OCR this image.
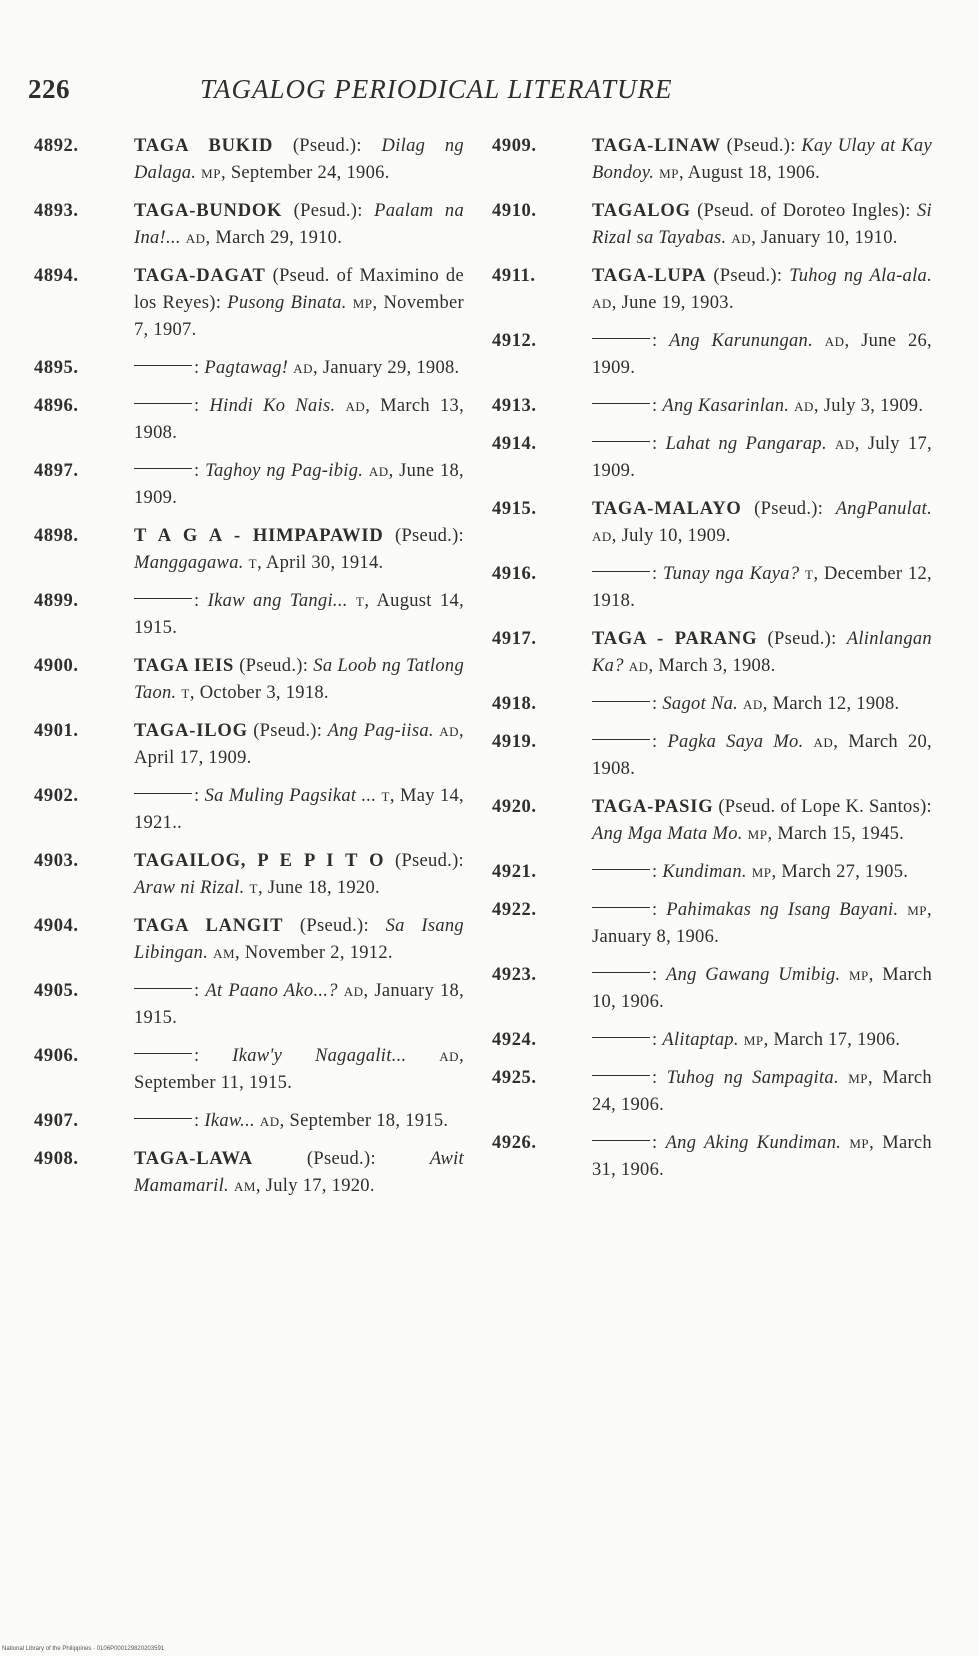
226	TAGALOG PERIODICAL LITERATURE
4892.	TAGA BUKID (Pseud.): Dilag ng Dalaga. MP, September 24, 1906.
4893.	TAGA-BUNDOK (Pesud.): Paalam na Ina!... AD, March 29, 1910.
4894.	TAGA-DAGAT (Pseud. of Maximino de los Reyes): Pusong Binata. MP, November 7, 1907.
4895.	: Pagtawag! AD, January 29, 1908.
4896.	: Hindi Ko Nais. AD, March 13, 1908.
4897.	: Taghoy ng Pag-ibig. AD, June 18, 1909.
4898.	T A G A - HIMPAPAWID (Pseud.): Manggagawa. T, April 30, 1914.
4899.	: Ikaw ang Tangi... T, August 14, 1915.
4900.	TAGA IEIS (Pseud.): Sa Loob ng Tatlong Taon. T, October 3, 1918.
4901.	TAGA-ILOG (Pseud.): Ang Pag-iisa. AD, April 17, 1909.
4902.	: Sa Muling Pagsikat ... T, May 14, 1921..
4903.	TAGAILOG, P E P I T O (Pseud.): Araw ni Rizal. T, June 18, 1920.
4904.	TAGA LANGIT (Pseud.): Sa Isang Libingan. AM, November 2, 1912.
4905.	: At Paano Ako...? AD, January 18, 1915.
4906.	: Ikaw'y Nagagalit...	AD, September 11, 1915.
4907.	: Ikaw... AD, September 18, 1915.
4908.	TAGA-LAWA (Pseud.): Awit Mamamaril. AM, July 17, 1920.
4909.	TAGA-LINAW (Pseud.): Kay Ulay at Kay Bondoy. MP, August 18, 1906.
4910.	TAGALOG (Pseud. of Doroteo Ingles): Si Rizal sa Tayabas. AD, January 10, 1910.
4911.	TAGA-LUPA (Pseud.): Tuhog ng Ala-ala. AD, June 19, 1903.
4912.	: Ang Karunungan. AD, June 26, 1909.
4913.	: Ang Kasarinlan. AD, July 3, 1909.
4914.	: Lahat ng Pangarap. AD, July 17, 1909.
4915.	TAGA-MALAYO (Pseud.): AngPanulat. AD, July 10, 1909.
4916.	: Tunay nga Kaya? T, December 12, 1918.
4917.	TAGA - PARANG (Pseud.): Alinlangan Ka? AD, March 3, 1908.
4918.	: Sagot Na. AD, March 12, 1908.
4919.	: Pagka Saya Mo. AD, March 20, 1908.
4920.	TAGA-PASIG (Pseud. of Lope K. Santos): Ang Mga Mata Mo. MP, March 15, 1945.
4921.	: Kundiman. MP, March 27, 1905.
4922.	: Pahimakas ng Isang Bayani. MP, January 8, 1906.
4923.	: Ang Gawang Umibig. MP, March 10, 1906.
4924.	: Alitaptap. MP, March 17, 1906.
4925.	: Tuhog ng Sampagita. MP, March 24, 1906.
4926.	: Ang Aking Kundiman. MP, March 31, 1906.
National Library of the Philippines · 0106P000129820203591
